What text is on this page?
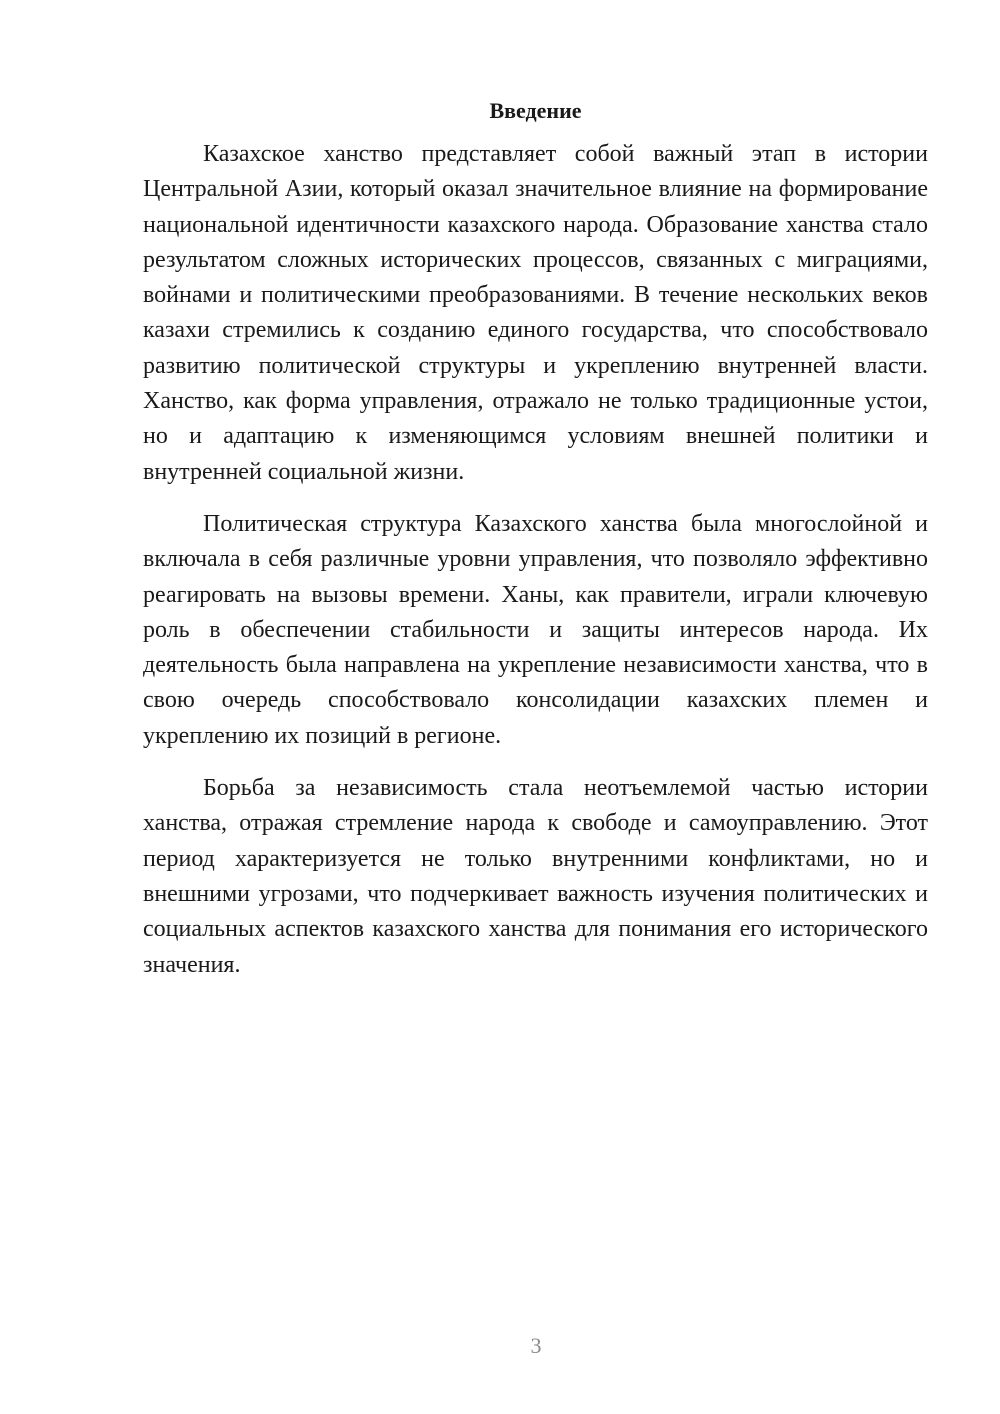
Введение

Казахское ханство представляет собой важный этап в истории Центральной Азии, который оказал значительное влияние на формирование национальной идентичности казахского народа. Образование ханства стало результатом сложных исторических процессов, связанных с миграциями, войнами и политическими преобразованиями. В течение нескольких веков казахи стремились к созданию единого государства, что способствовало развитию политической структуры и укреплению внутренней власти. Ханство, как форма управления, отражало не только традиционные устои, но и адаптацию к изменяющимся условиям внешней политики и внутренней социальной жизни.

Политическая структура Казахского ханства была многослойной и включала в себя различные уровни управления, что позволяло эффективно реагировать на вызовы времени. Ханы, как правители, играли ключевую роль в обеспечении стабильности и защиты интересов народа. Их деятельность была направлена на укрепление независимости ханства, что в свою очередь способствовало консолидации казахских племен и укреплению их позиций в регионе.

Борьба за независимость стала неотъемлемой частью истории ханства, отражая стремление народа к свободе и самоуправлению. Этот период характеризуется не только внутренними конфликтами, но и внешними угрозами, что подчеркивает важность изучения политических и социальных аспектов казахского ханства для понимания его исторического значения.

3
